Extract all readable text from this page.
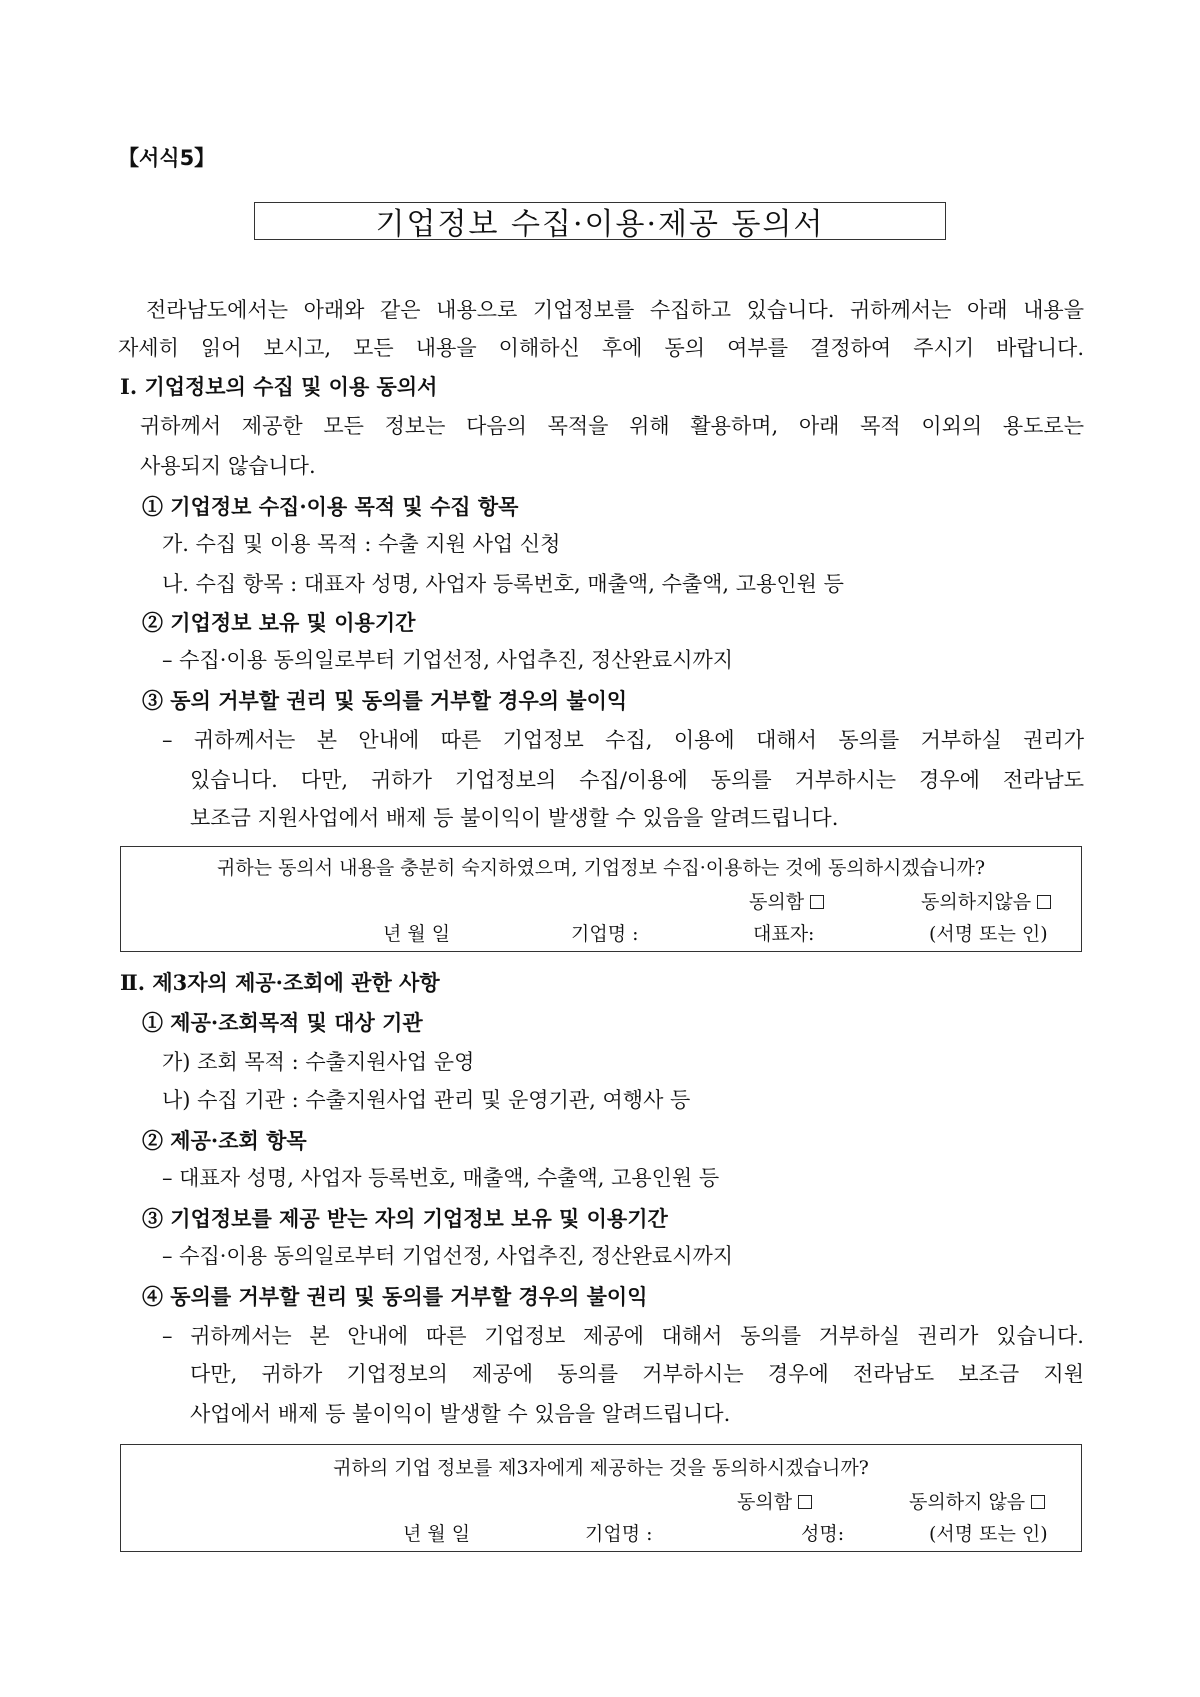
【서식5】
기업정보 수집·이용·제공 동의서
전라남도에서는 아래와 같은 내용으로 기업정보를 수집하고 있습니다. 귀하께서는 아래 내용을
자세히 읽어 보시고, 모든 내용을 이해하신 후에 동의 여부를 결정하여 주시기 바랍니다.
Ⅰ. 기업정보의 수집 및 이용 동의서
귀하께서 제공한 모든 정보는 다음의 목적을 위해 활용하며, 아래 목적 이외의 용도로는
사용되지 않습니다.
① 기업정보 수집·이용 목적 및 수집 항목
가. 수집 및 이용 목적 : 수출 지원 사업 신청
나. 수집 항목 : 대표자 성명, 사업자 등록번호, 매출액, 수출액, 고용인원 등
② 기업정보 보유 및 이용기간
– 수집·이용 동의일로부터 기업선정, 사업추진, 정산완료시까지
③ 동의 거부할 권리 및 동의를 거부할 경우의 불이익
– 귀하께서는 본 안내에 따른 기업정보 수집, 이용에 대해서 동의를 거부하실 권리가
있습니다. 다만, 귀하가 기업정보의 수집/이용에 동의를 거부하시는 경우에 전라남도
보조금 지원사업에서 배제 등 불이익이 발생할 수 있음을 알려드립니다.
귀하는 동의서 내용을 충분히 숙지하였으며, 기업정보 수집·이용하는 것에 동의하시겠습니까?
동의함	동의하지않음
년 월 일	기업명 :	대표자:	(서명 또는 인)
Ⅱ. 제3자의 제공·조회에 관한 사항
① 제공·조회목적 및 대상 기관
가) 조회 목적 : 수출지원사업 운영
나) 수집 기관 : 수출지원사업 관리 및 운영기관, 여행사 등
② 제공·조회 항목
– 대표자 성명, 사업자 등록번호, 매출액, 수출액, 고용인원 등
③ 기업정보를 제공 받는 자의 기업정보 보유 및 이용기간
– 수집·이용 동의일로부터 기업선정, 사업추진, 정산완료시까지
④ 동의를 거부할 권리 및 동의를 거부할 경우의 불이익
– 귀하께서는 본 안내에 따른 기업정보 제공에 대해서 동의를 거부하실 권리가 있습니다.
다만, 귀하가 기업정보의 제공에 동의를 거부하시는 경우에 전라남도 보조금 지원
사업에서 배제 등 불이익이 발생할 수 있음을 알려드립니다.
귀하의 기업 정보를 제3자에게 제공하는 것을 동의하시겠습니까?
동의함	동의하지 않음
년 월 일	기업명 :	성명:	(서명 또는 인)
